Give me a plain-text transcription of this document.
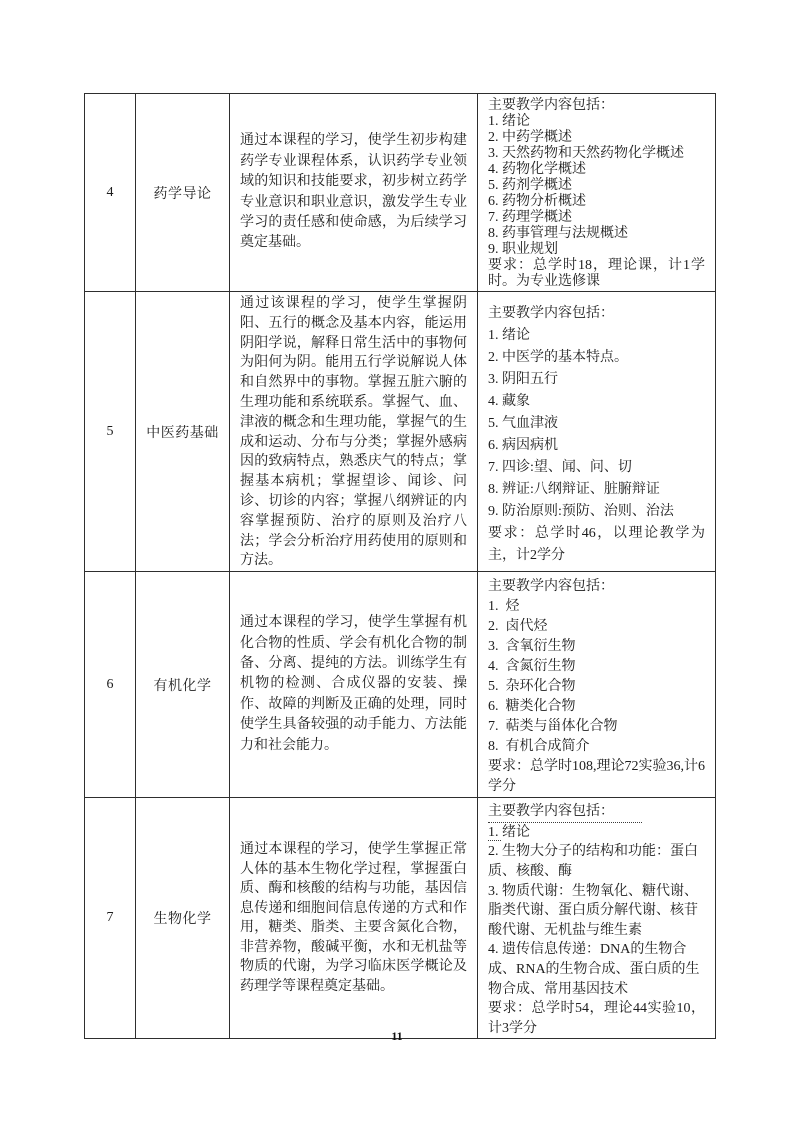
4	药学导论	
通过本课程的学习，使学生初步构建药学专业课程体系，认识药学专业领域的知识和技能要求，初步树立药学专业意识和职业意识，激发学生专业学习的责任感和使命感，为后续学习奠定基础。

主要教学内容包括：
1. 绪论
2. 中药学概述
3. 天然药物和天然药物化学概述
4. 药物化学概述
5. 药剂学概述
6. 药物分析概述
7. 药理学概述
8. 药事管理与法规概述
9. 职业规划
要求：总学时18，理论课，计1学时。为专业选修课

5	中医药基础	
通过该课程的学习，使学生掌握阴阳、五行的概念及基本内容，能运用阴阳学说，解释日常生活中的事物何为阳何为阴。能用五行学说解说人体和自然界中的事物。掌握五脏六腑的生理功能和系统联系。掌握气、血、津液的概念和生理功能，掌握气的生成和运动、分布与分类；掌握外感病因的致病特点，熟悉庆气的特点；掌握基本病机；掌握望诊、闻诊、问诊、切诊的内容；掌握八纲辨证的内容掌握预防、治疗的原则及治疗八法；学会分析治疗用药使用的原则和方法。

主要教学内容包括：
1. 绪论
2. 中医学的基本特点。
3. 阴阳五行
4. 藏象
5. 气血津液
6. 病因病机
7. 四诊:望、闻、问、切
8. 辨证:八纲辩证、脏腑辩证
9. 防治原则:预防、治则、治法
要求：总学时46，以理论教学为主，计2学分

6	有机化学	
通过本课程的学习，使学生掌握有机化合物的性质、学会有机化合物的制备、分离、提纯的方法。训练学生有机物的检测、合成仪器的安装、操作、故障的判断及正确的处理，同时使学生具备较强的动手能力、方法能力和社会能力。

主要教学内容包括：
1.  烃
2.  卤代烃
3.  含氧衍生物
4.  含氮衍生物
5.  杂环化合物
6.  糖类化合物
7.  萜类与甾体化合物
8.  有机合成简介
要求：总学时108,理论72实验36,计6学分

7	生物化学	
通过本课程的学习，使学生掌握正常人体的基本生物化学过程，掌握蛋白质、酶和核酸的结构与功能，基因信息传递和细胞间信息传递的方式和作用，糖类、脂类、主要含氮化合物，非营养物，酸碱平衡，水和无机盐等物质的代谢，为学习临床医学概论及药理学等课程奠定基础。

主要教学内容包括：
1. 绪论
2. 生物大分子的结构和功能：蛋白质、核酸、酶
3. 物质代谢：生物氧化、糖代谢、脂类代谢、蛋白质分解代谢、核苷酸代谢、无机盐与维生素
4. 遗传信息传递：DNA的生物合成、RNA的生物合成、蛋白质的生物合成、常用基因技术
要求：总学时54，理论44实验10，计3学分
11
